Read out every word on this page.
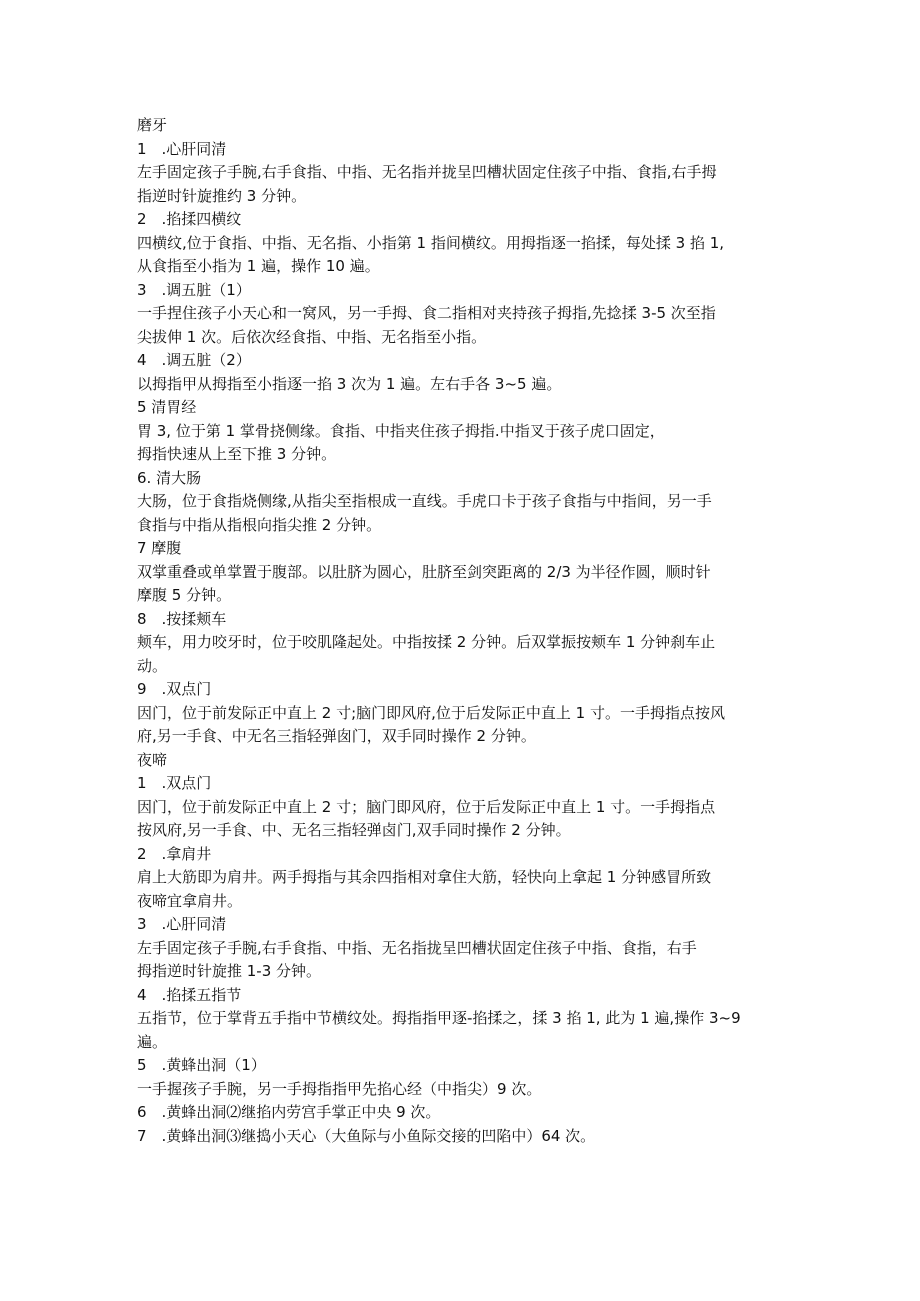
磨牙

1　.心肝同清

左手固定孩子手腕,右手食指、中指、无名指并拢呈凹槽状固定住孩子中指、食指,右手拇

指逆时针旋推约 3 分钟。

2　.掐揉四横纹

四横纹,位于食指、中指、无名指、小指第 1 指间横纹。用拇指逐一掐揉，每处揉 3 掐 1,

从食指至小指为 1 遍，操作 10 遍。

3　.调五脏（1）

一手捏住孩子小天心和一窝风，另一手拇、食二指相对夹持孩子拇指,先捻揉 3-5 次至指

尖拔伸 1 次。后依次经食指、中指、无名指至小指。

4　.调五脏（2）

以拇指甲从拇指至小指逐一掐 3 次为 1 遍。左右手各 3~5 遍。

5 清胃经

胃 3, 位于第 1 掌骨挠侧缘。食指、中指夹住孩子拇指.中指叉于孩子虎口固定，

拇指快速从上至下推 3 分钟。

6. 清大肠

大肠，位于食指烧侧缘,从指尖至指根成一直线。手虎口卡于孩子食指与中指间，另一手

食指与中指从指根向指尖推 2 分钟。

7 摩腹

双掌重叠或单掌置于腹部。以肚脐为圆心，肚脐至剑突距离的 2/3 为半径作圆，顺时针

摩腹 5 分钟。

8　.按揉颊车

颊车，用力咬牙时，位于咬肌隆起处。中指按揉 2 分钟。后双掌振按颊车 1 分钟刹车止

动。

9　.双点门

因门，位于前发际正中直上 2 寸;脑门即风府,位于后发际正中直上 1 寸。一手拇指点按风

府,另一手食、中无名三指轻弹囱门，双手同时操作 2 分钟。

夜啼

1　.双点门

因门，位于前发际正中直上 2 寸；脑门即风府，位于后发际正中直上 1 寸。一手拇指点

按风府,另一手食、中、无名三指轻弹卤门,双手同时操作 2 分钟。

2　.拿肩井

肩上大筋即为肩井。两手拇指与其余四指相对拿住大筋，轻快向上拿起 1 分钟感冒所致

夜啼宜拿肩井。

3　.心肝同清

左手固定孩子手腕,右手食指、中指、无名指拢呈凹槽状固定住孩子中指、食指，右手

拇指逆时针旋推 1-3 分钟。

4　.掐揉五指节

五指节，位于掌背五手指中节横纹处。拇指指甲逐-掐揉之，揉 3 掐 1, 此为 1 遍,操作 3~9

遍。

5　.黄蜂出洞（1）

一手握孩子手腕，另一手拇指指甲先掐心经（中指尖）9 次。

6　.黄蜂出洞⑵继掐内劳宫手掌正中央 9 次。

7　.黄蜂出洞⑶继捣小天心（大鱼际与小鱼际交接的凹陷中）64 次。
